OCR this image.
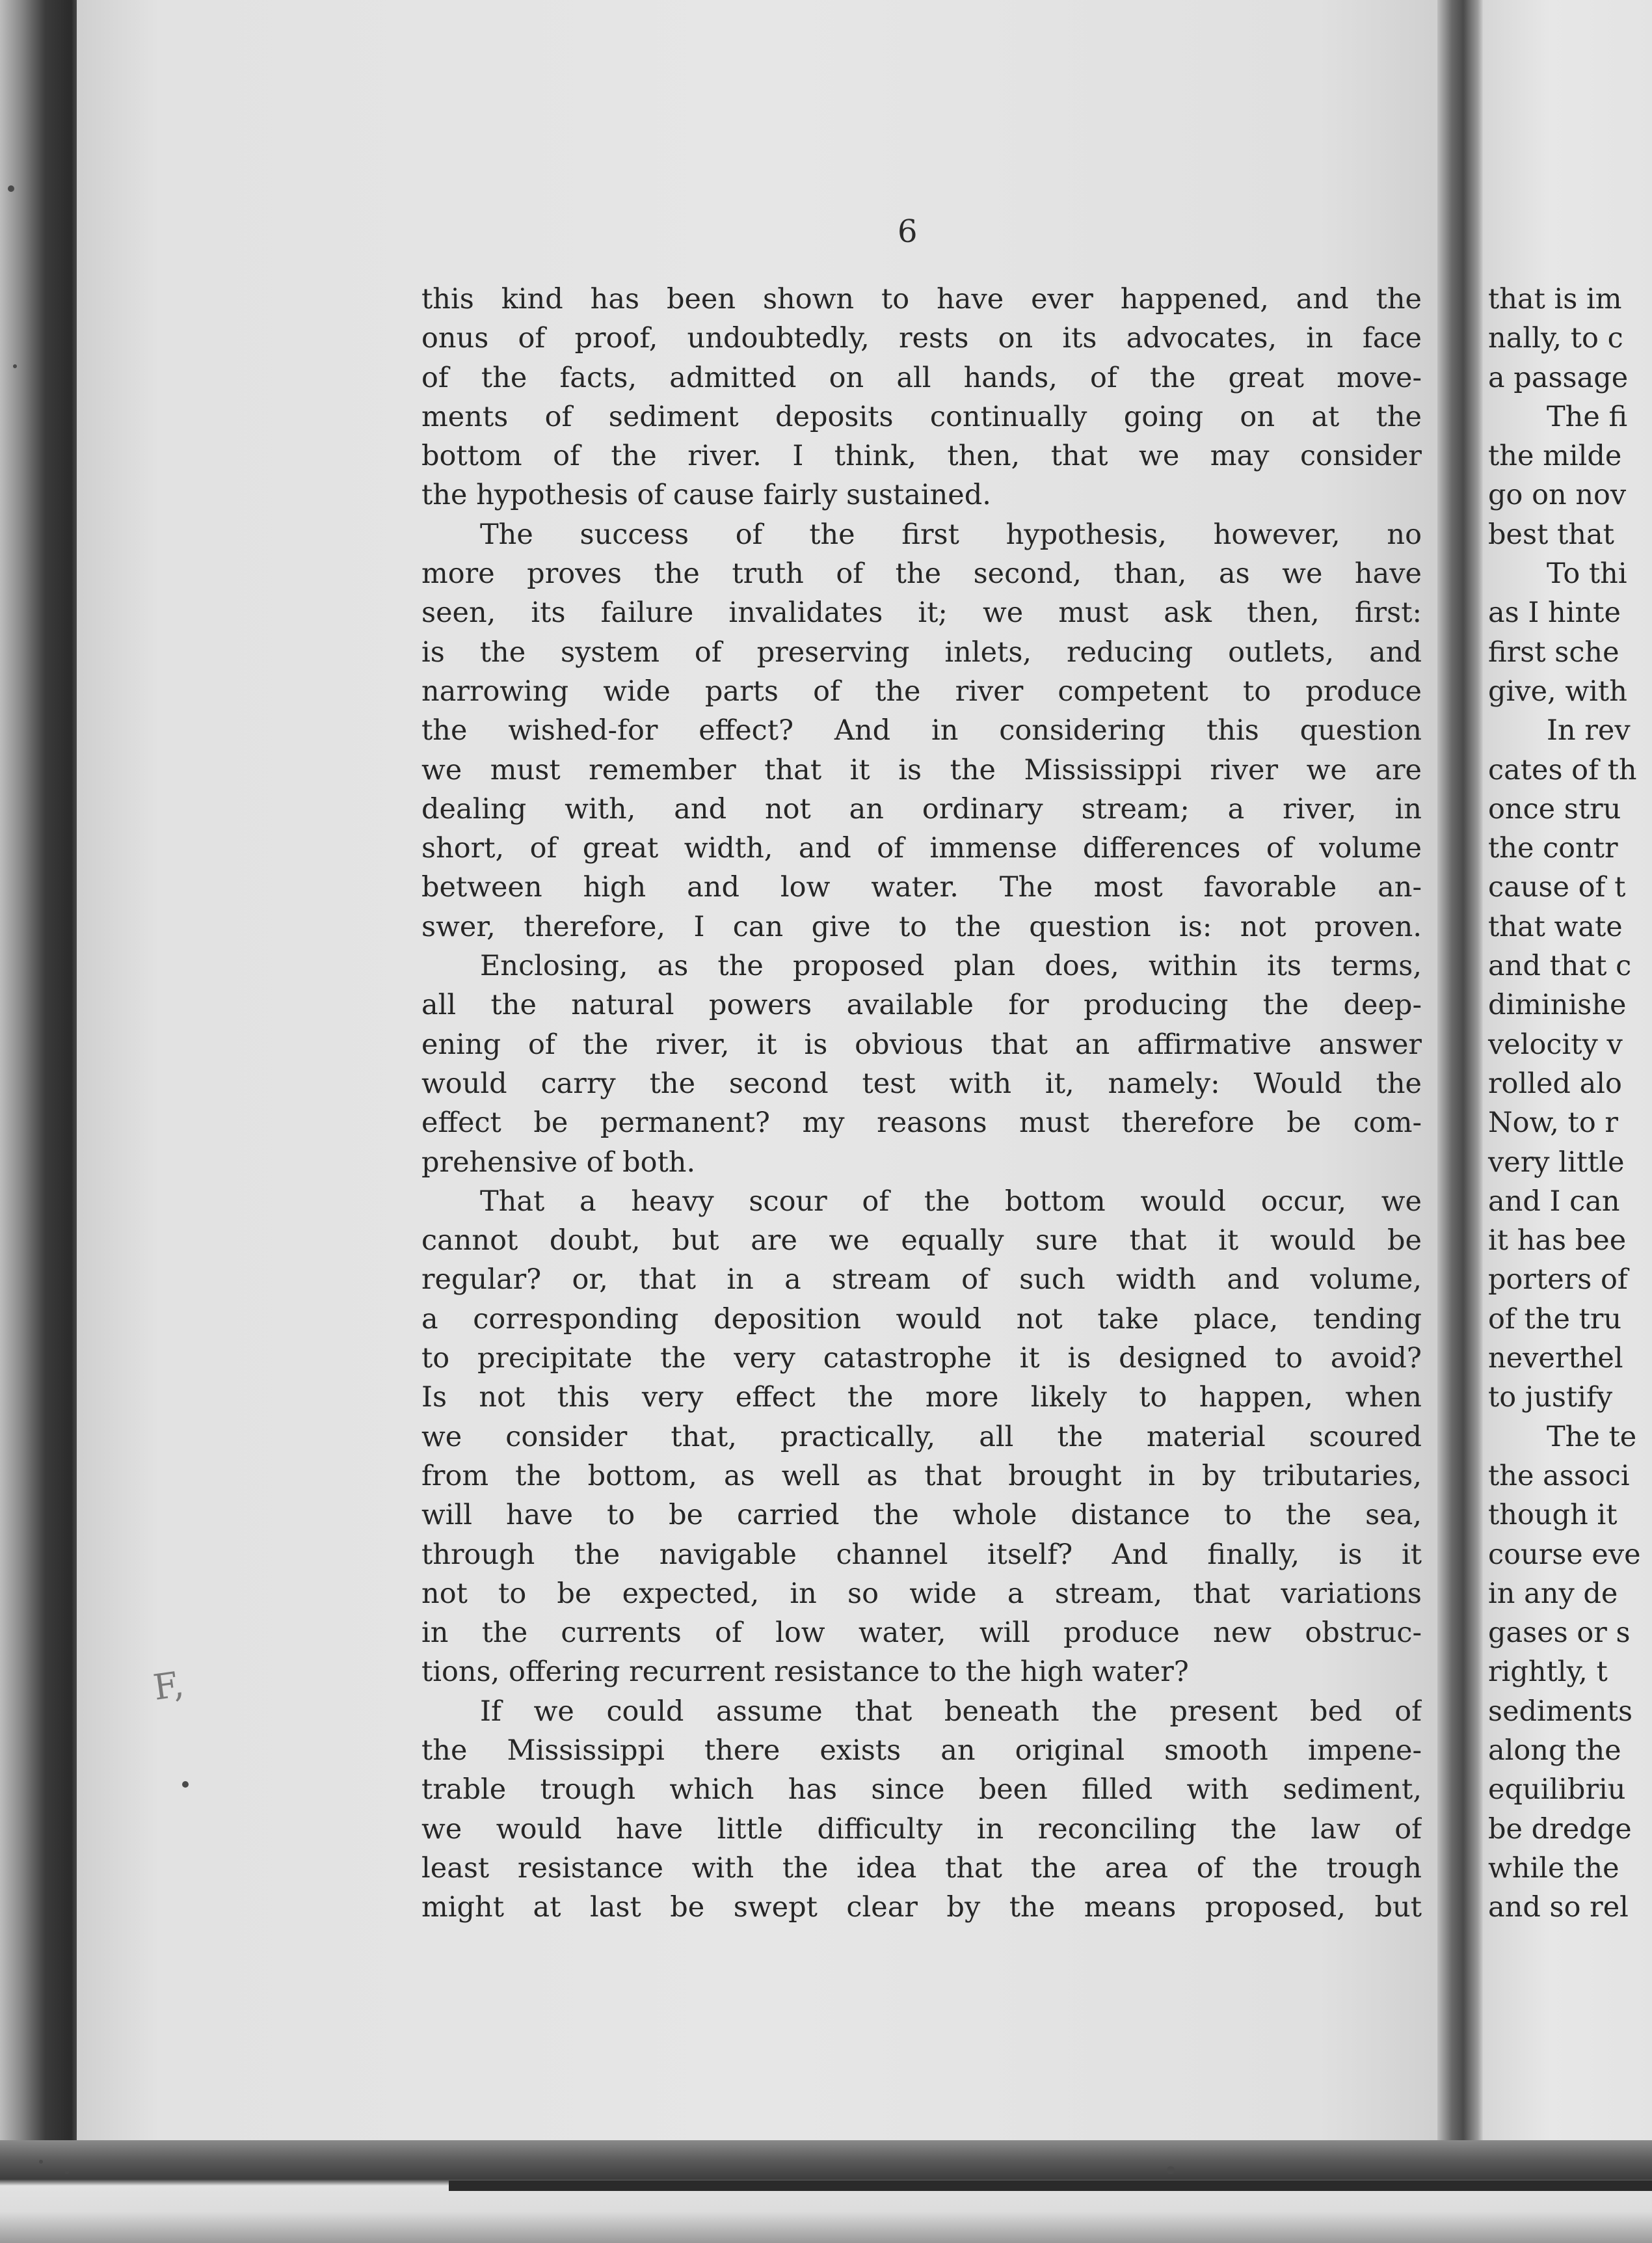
6
this kind has been shown to have ever happened, and the
onus of proof, undoubtedly, rests on its advocates, in face
of the facts, admitted on all hands, of the great move-
ments of sediment deposits continually going on at the
bottom of the river. I think, then, that we may consider
the hypothesis of cause fairly sustained.
The success of the first hypothesis, however, no
more proves the truth of the second, than, as we have
seen, its failure invalidates it; we must ask then, first:
is the system of preserving inlets, reducing outlets, and
narrowing wide parts of the river competent to produce
the wished-for effect? And in considering this question
we must remember that it is the Mississippi river we are
dealing with, and not an ordinary stream; a river, in
short, of great width, and of immense differences of volume
between high and low water. The most favorable an-
swer, therefore, I can give to the question is: not proven.
Enclosing, as the proposed plan does, within its terms,
all the natural powers available for producing the deep-
ening of the river, it is obvious that an affirmative answer
would carry the second test with it, namely: Would the
effect be permanent? my reasons must therefore be com-
prehensive of both.
That a heavy scour of the bottom would occur, we
cannot doubt, but are we equally sure that it would be
regular? or, that in a stream of such width and volume,
a corresponding deposition would not take place, tending
to precipitate the very catastrophe it is designed to avoid?
Is not this very effect the more likely to happen, when
we consider that, practically, all the material scoured
from the bottom, as well as that brought in by tributaries,
will have to be carried the whole distance to the sea,
through the navigable channel itself? And finally, is it
not to be expected, in so wide a stream, that variations
in the currents of low water, will produce new obstruc-
tions, offering recurrent resistance to the high water?
If we could assume that beneath the present bed of
the Mississippi there exists an original smooth impene-
trable trough which has since been filled with sediment,
we would have little difficulty in reconciling the law of
least resistance with the idea that the area of the trough
might at last be swept clear by the means proposed, but
that is im
nally, to c
a passage
The fi
the milde
go on nov
best that
To thi
as I hinte
first sche
give, with
In rev
cates of th
once stru
the contr
cause of t
that wate
and that c
diminishe
velocity v
rolled alo
Now, to r
very little
and I can
it has bee
porters of
of the tru
neverthel
to justify
The te
the associ
though it
course eve
in any de
gases or s
rightly, t
sediments
along the
equilibriu
be dredge
while the
and so rel
F,
